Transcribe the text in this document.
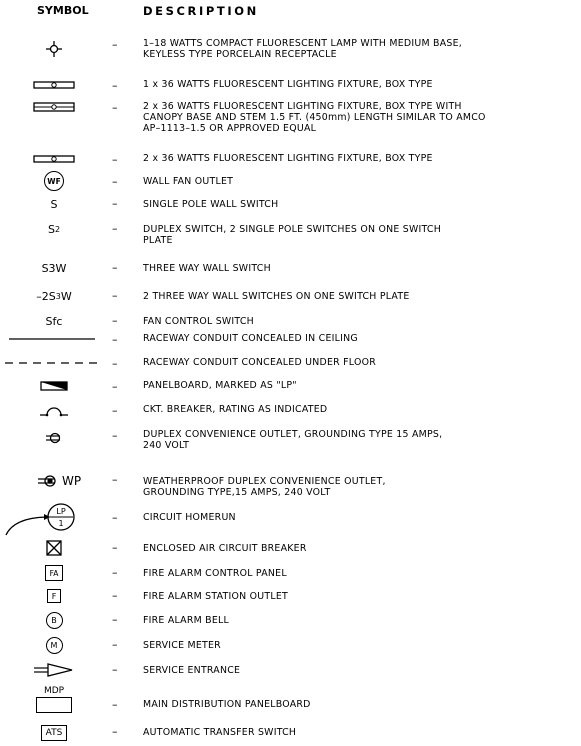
SYMBOL	DESCRIPTION
–	1–18 WATTS COMPACT FLUORESCENT LAMP WITH MEDIUM BASE,
KEYLESS TYPE PORCELAIN RECEPTACLE
–	1 x 36 WATTS FLUORESCENT LIGHTING FIXTURE, BOX TYPE
–	2 x 36 WATTS FLUORESCENT LIGHTING FIXTURE, BOX TYPE WITH
CANOPY BASE AND STEM 1.5 FT. (450mm) LENGTH SIMILAR TO AMCO
AP–1113–1.5 OR APPROVED EQUAL
–	2 x 36 WATTS FLUORESCENT LIGHTING FIXTURE, BOX TYPE
WF	–	WALL FAN OUTLET
S	–	SINGLE POLE WALL SWITCH
S 2	–	DUPLEX SWITCH, 2 SINGLE POLE SWITCHES ON ONE SWITCH
PLATE
S3W	–	THREE WAY WALL SWITCH
–2S 3 W	–	2 THREE WAY WALL SWITCHES ON ONE SWITCH PLATE
Sfc	–	FAN CONTROL SWITCH
–	RACEWAY CONDUIT CONCEALED IN CEILING
–	RACEWAY CONDUIT CONCEALED UNDER FLOOR
–	PANELBOARD, MARKED AS "LP"
–	CKT. BREAKER, RATING AS INDICATED
–	DUPLEX CONVENIENCE OUTLET, GROUNDING TYPE 15 AMPS,
240 VOLT
WP	–	WEATHERPROOF DUPLEX CONVENIENCE OUTLET,
GROUNDING TYPE,15 AMPS, 240 VOLT
LP
1	–	CIRCUIT HOMERUN
–	ENCLOSED AIR CIRCUIT BREAKER
FA	–	FIRE ALARM CONTROL PANEL
F	–	FIRE ALARM STATION OUTLET
B	–	FIRE ALARM BELL
M	–	SERVICE METER
–	SERVICE ENTRANCE
MDP
–	MAIN DISTRIBUTION PANELBOARD
ATS	–	AUTOMATIC TRANSFER SWITCH
